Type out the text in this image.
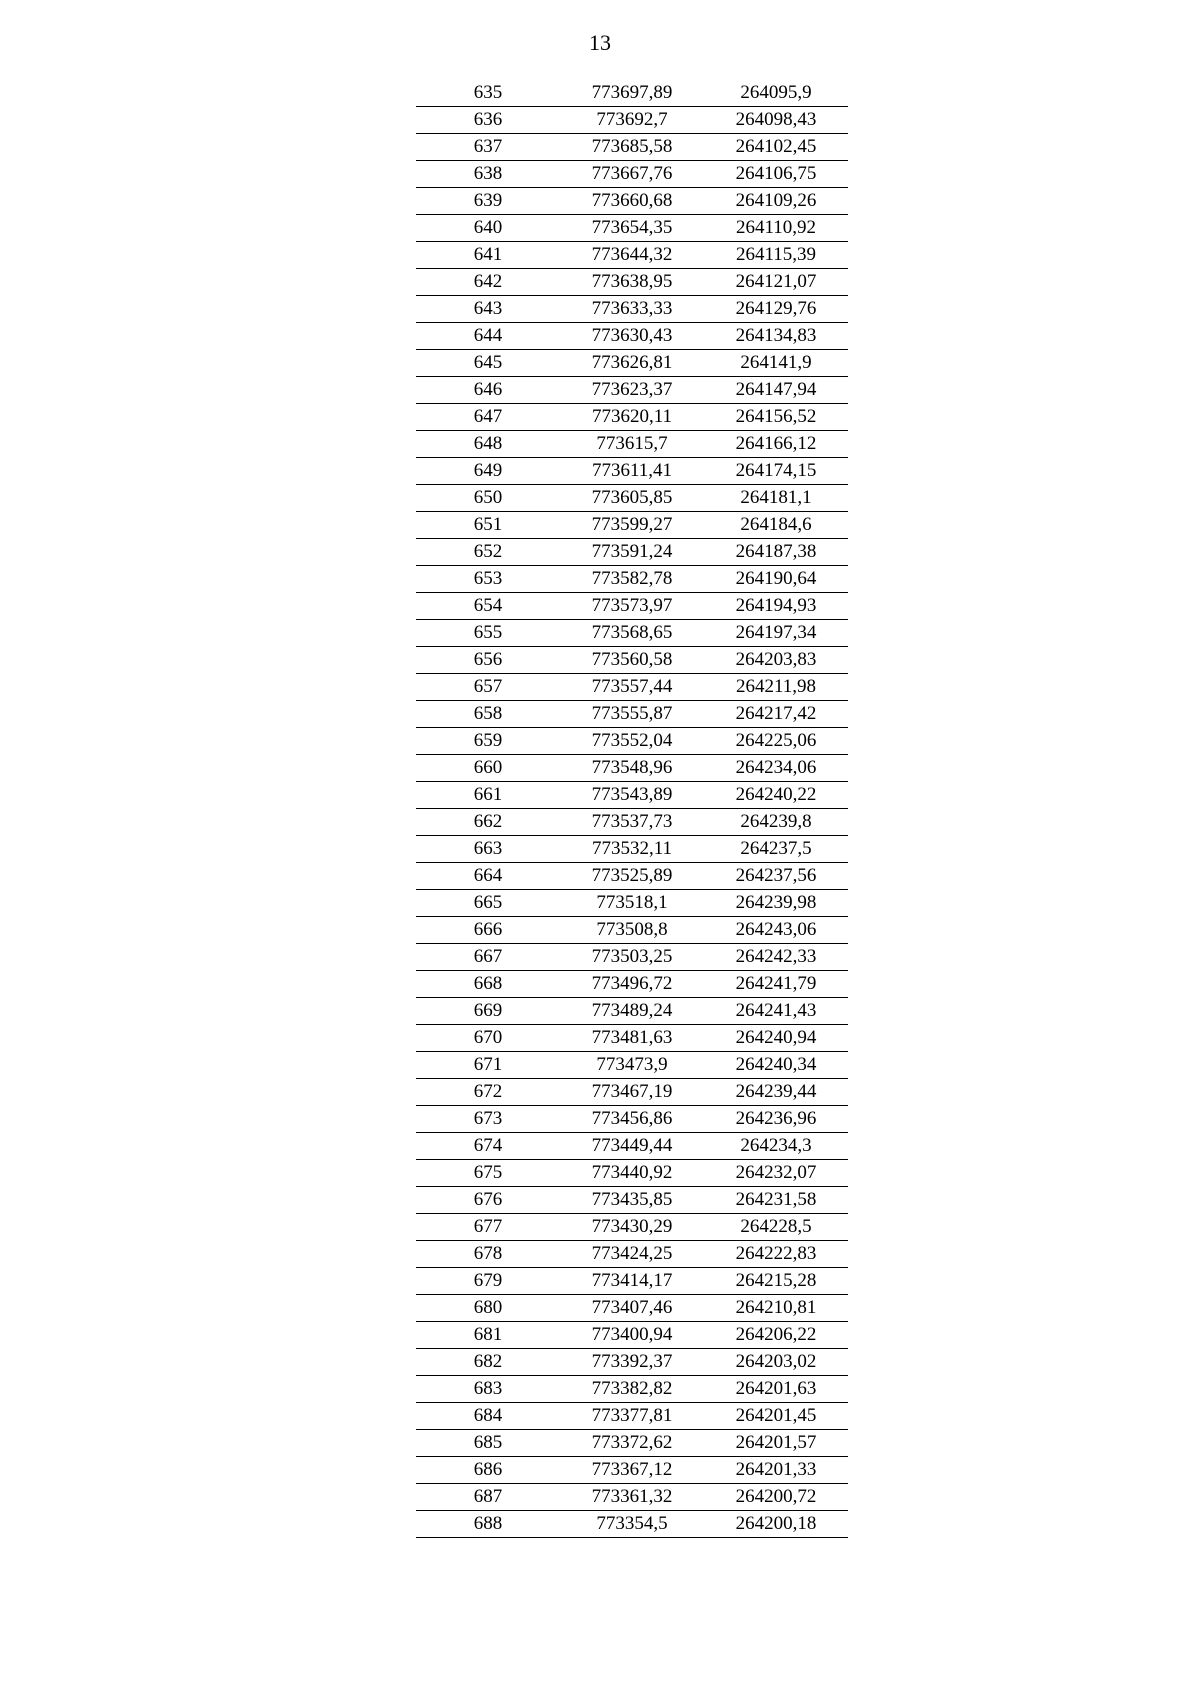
13
635	773697,89	264095,9
636	773692,7	264098,43
637	773685,58	264102,45
638	773667,76	264106,75
639	773660,68	264109,26
640	773654,35	264110,92
641	773644,32	264115,39
642	773638,95	264121,07
643	773633,33	264129,76
644	773630,43	264134,83
645	773626,81	264141,9
646	773623,37	264147,94
647	773620,11	264156,52
648	773615,7	264166,12
649	773611,41	264174,15
650	773605,85	264181,1
651	773599,27	264184,6
652	773591,24	264187,38
653	773582,78	264190,64
654	773573,97	264194,93
655	773568,65	264197,34
656	773560,58	264203,83
657	773557,44	264211,98
658	773555,87	264217,42
659	773552,04	264225,06
660	773548,96	264234,06
661	773543,89	264240,22
662	773537,73	264239,8
663	773532,11	264237,5
664	773525,89	264237,56
665	773518,1	264239,98
666	773508,8	264243,06
667	773503,25	264242,33
668	773496,72	264241,79
669	773489,24	264241,43
670	773481,63	264240,94
671	773473,9	264240,34
672	773467,19	264239,44
673	773456,86	264236,96
674	773449,44	264234,3
675	773440,92	264232,07
676	773435,85	264231,58
677	773430,29	264228,5
678	773424,25	264222,83
679	773414,17	264215,28
680	773407,46	264210,81
681	773400,94	264206,22
682	773392,37	264203,02
683	773382,82	264201,63
684	773377,81	264201,45
685	773372,62	264201,57
686	773367,12	264201,33
687	773361,32	264200,72
688	773354,5	264200,18
